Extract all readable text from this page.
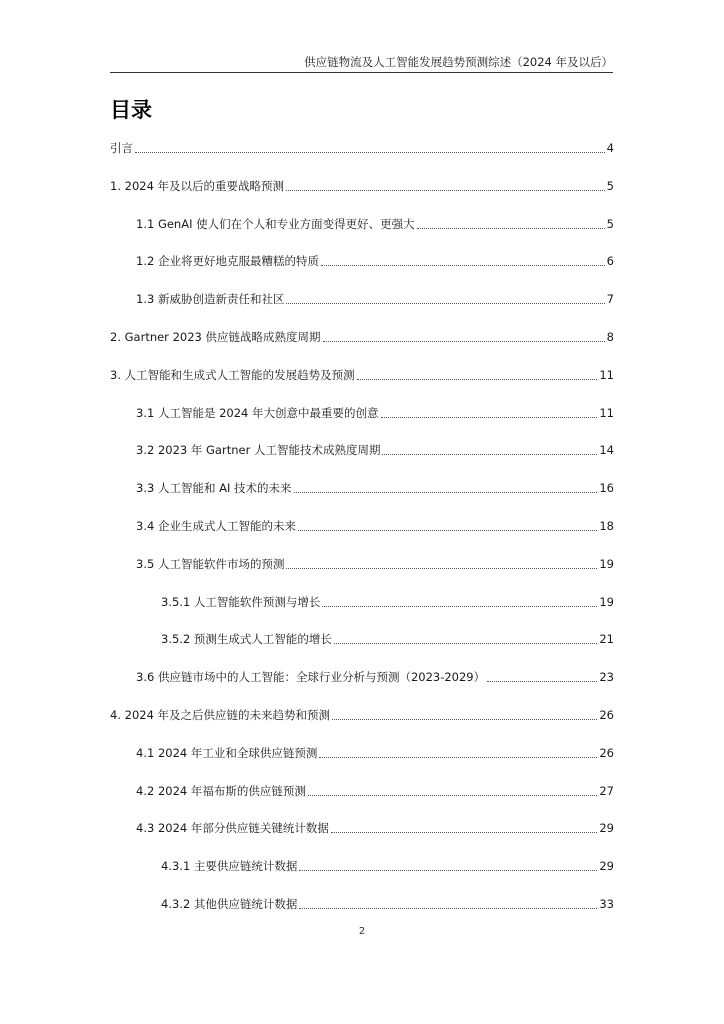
供应链物流及人工智能发展趋势预测综述（2024 年及以后）
目录
引言	4
1. 2024 年及以后的重要战略预测	5
1.1 GenAI 使人们在个人和专业方面变得更好、更强大	5
1.2 企业将更好地克服最糟糕的特质	6
1.3 新威胁创造新责任和社区	7
2. Gartner 2023 供应链战略成熟度周期	8
3. 人工智能和生成式人工智能的发展趋势及预测	11
3.1 人工智能是 2024 年大创意中最重要的创意	11
3.2 2023 年 Gartner 人工智能技术成熟度周期	14
3.3 人工智能和 AI 技术的未来	16
3.4 企业生成式人工智能的未来	18
3.5 人工智能软件市场的预测	19
3.5.1 人工智能软件预测与增长	19
3.5.2 预测生成式人工智能的增长	21
3.6 供应链市场中的人工智能：全球行业分析与预测（2023-2029）	23
4. 2024 年及之后供应链的未来趋势和预测	26
4.1 2024 年工业和全球供应链预测	26
4.2 2024 年福布斯的供应链预测	27
4.3 2024 年部分供应链关键统计数据	29
4.3.1 主要供应链统计数据	29
4.3.2 其他供应链统计数据	33
2
